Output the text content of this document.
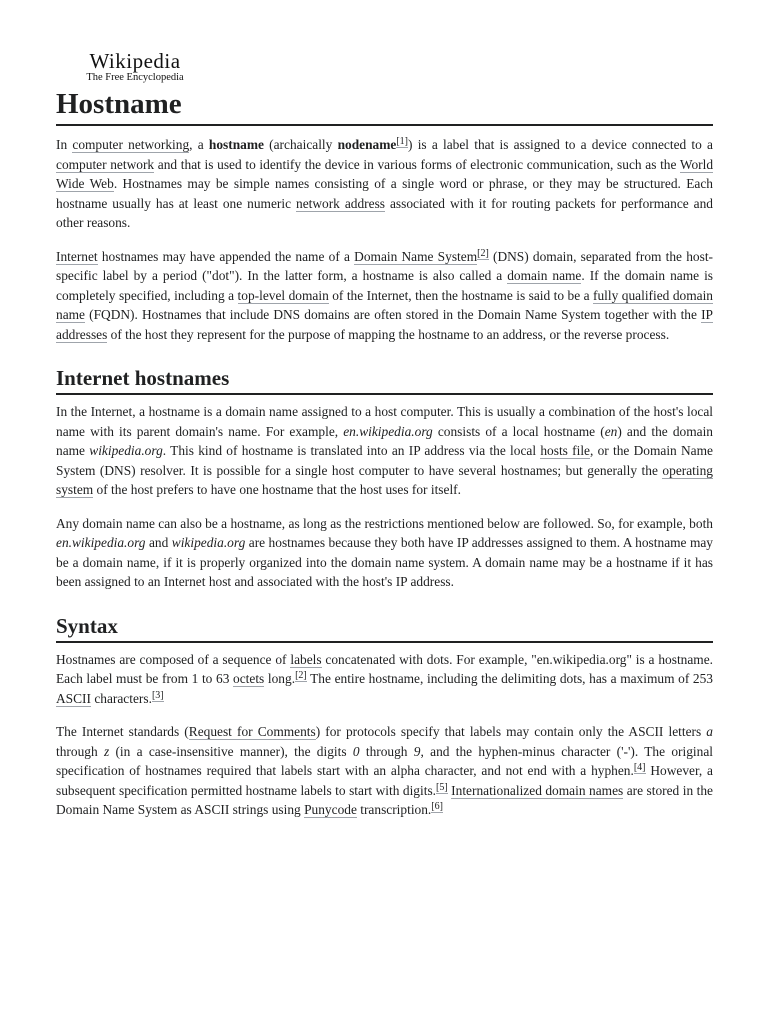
Wikipedia
The Free Encyclopedia
Hostname

In computer networking, a hostname (archaically nodename[1]) is a label that is assigned to a device connected to a computer network and that is used to identify the device in various forms of electronic communication, such as the World Wide Web. Hostnames may be simple names consisting of a single word or phrase, or they may be structured. Each hostname usually has at least one numeric network address associated with it for routing packets for performance and other reasons.

Internet hostnames may have appended the name of a Domain Name System[2] (DNS) domain, separated from the host-specific label by a period ("dot"). In the latter form, a hostname is also called a domain name. If the domain name is completely specified, including a top-level domain of the Internet, then the hostname is said to be a fully qualified domain name (FQDN). Hostnames that include DNS domains are often stored in the Domain Name System together with the IP addresses of the host they represent for the purpose of mapping the hostname to an address, or the reverse process.

Internet hostnames

In the Internet, a hostname is a domain name assigned to a host computer. This is usually a combination of the host's local name with its parent domain's name. For example, en.wikipedia.org consists of a local hostname (en) and the domain name wikipedia.org. This kind of hostname is translated into an IP address via the local hosts file, or the Domain Name System (DNS) resolver. It is possible for a single host computer to have several hostnames; but generally the operating system of the host prefers to have one hostname that the host uses for itself.

Any domain name can also be a hostname, as long as the restrictions mentioned below are followed. So, for example, both en.wikipedia.org and wikipedia.org are hostnames because they both have IP addresses assigned to them. A hostname may be a domain name, if it is properly organized into the domain name system. A domain name may be a hostname if it has been assigned to an Internet host and associated with the host's IP address.

Syntax

Hostnames are composed of a sequence of labels concatenated with dots. For example, "en.wikipedia.org" is a hostname. Each label must be from 1 to 63 octets long.[2] The entire hostname, including the delimiting dots, has a maximum of 253 ASCII characters.[3]

The Internet standards (Request for Comments) for protocols specify that labels may contain only the ASCII letters a through z (in a case-insensitive manner), the digits 0 through 9, and the hyphen-minus character ('-'). The original specification of hostnames required that labels start with an alpha character, and not end with a hyphen.[4] However, a subsequent specification permitted hostname labels to start with digits.[5] Internationalized domain names are stored in the Domain Name System as ASCII strings using Punycode transcription.[6]
